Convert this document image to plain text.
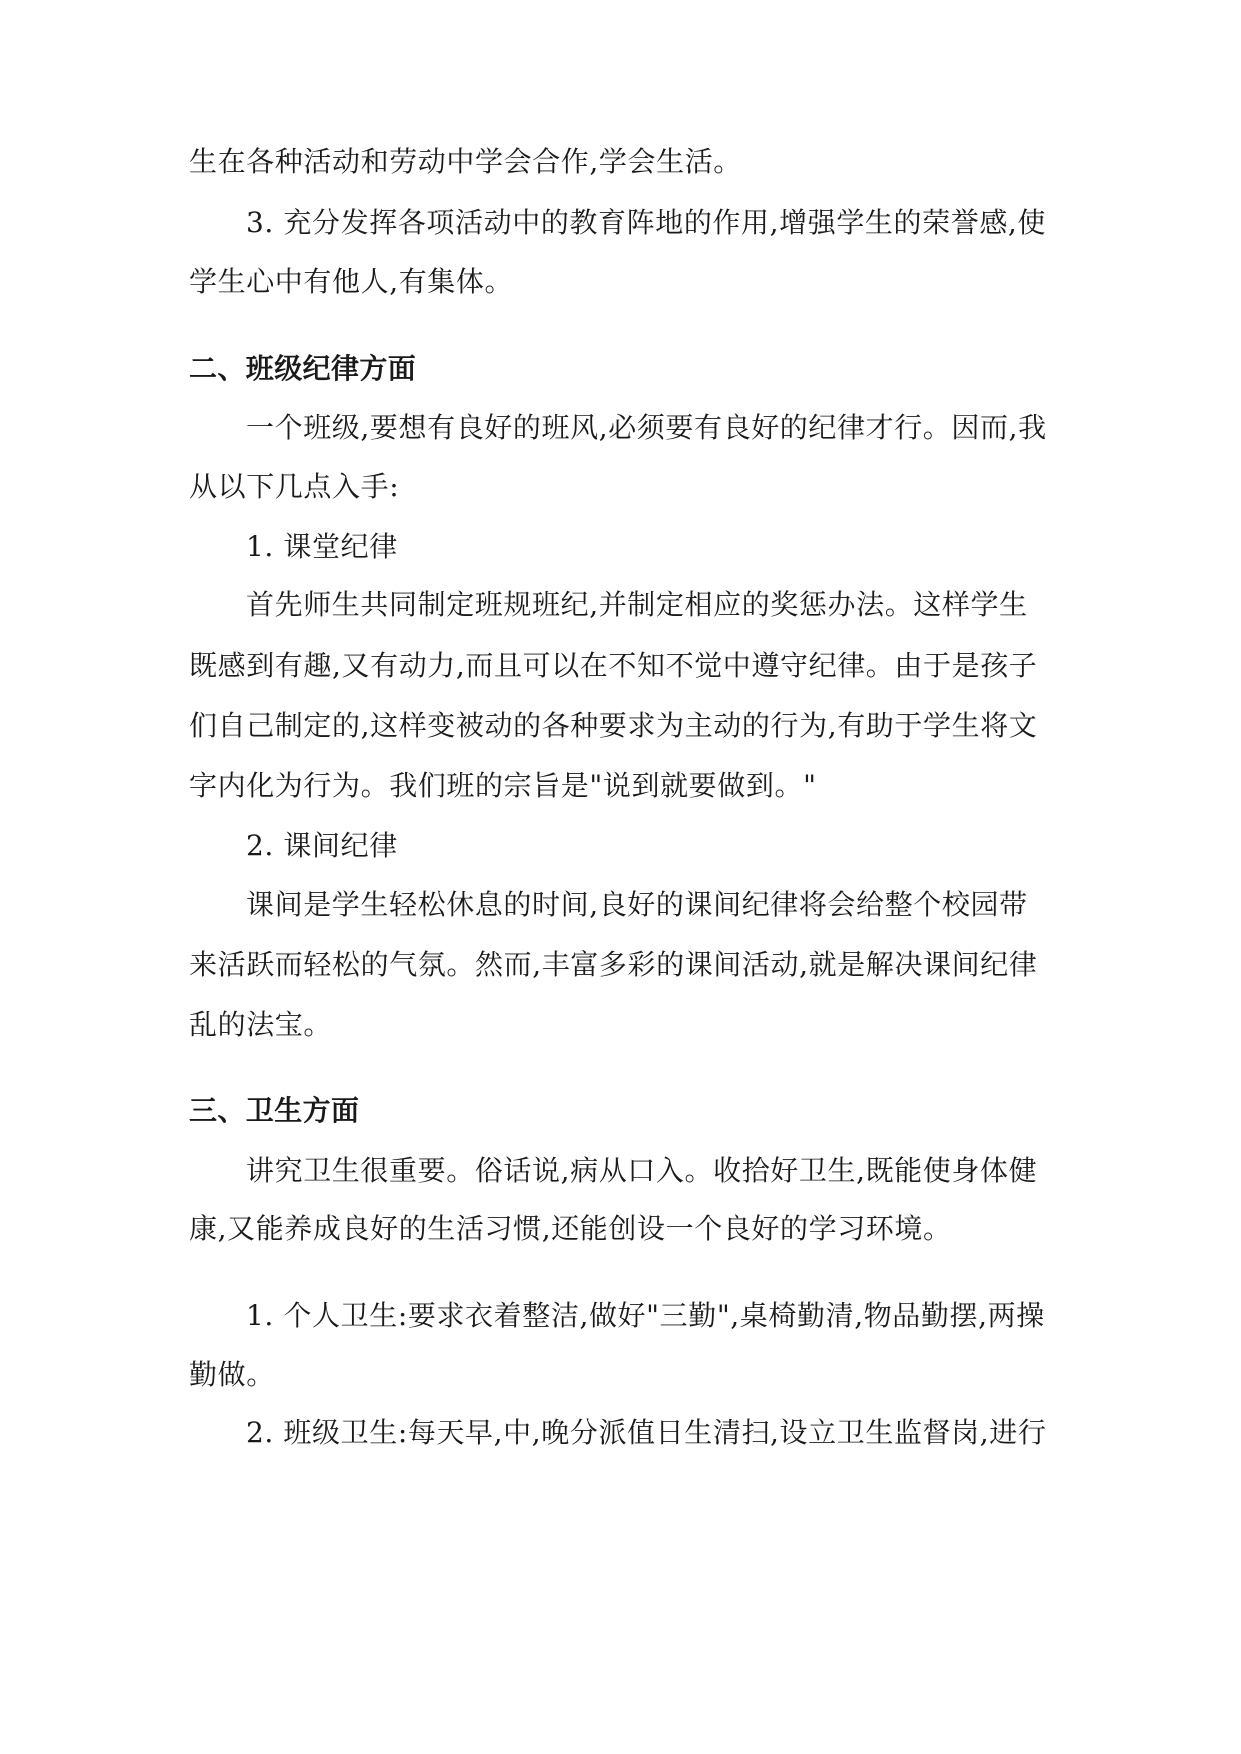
生在各种活动和劳动中学会合作,学会生活。
3. 充分发挥各项活动中的教育阵地的作用,增强学生的荣誉感,使
学生心中有他人,有集体。
二、班级纪律方面
一个班级,要想有良好的班风,必须要有良好的纪律才行。因而,我
从以下几点入手:
1. 课堂纪律
首先师生共同制定班规班纪,并制定相应的奖惩办法。这样学生
既感到有趣,又有动力,而且可以在不知不觉中遵守纪律。由于是孩子
们自己制定的,这样变被动的各种要求为主动的行为,有助于学生将文
字内化为行为。我们班的宗旨是"说到就要做到。"
2. 课间纪律
课间是学生轻松休息的时间,良好的课间纪律将会给整个校园带
来活跃而轻松的气氛。然而,丰富多彩的课间活动,就是解决课间纪律
乱的法宝。
三、卫生方面
讲究卫生很重要。俗话说,病从口入。收拾好卫生,既能使身体健
康,又能养成良好的生活习惯,还能创设一个良好的学习环境。
1. 个人卫生:要求衣着整洁,做好"三勤",桌椅勤清,物品勤摆,两操
勤做。
2. 班级卫生:每天早,中,晚分派值日生清扫,设立卫生监督岗,进行
